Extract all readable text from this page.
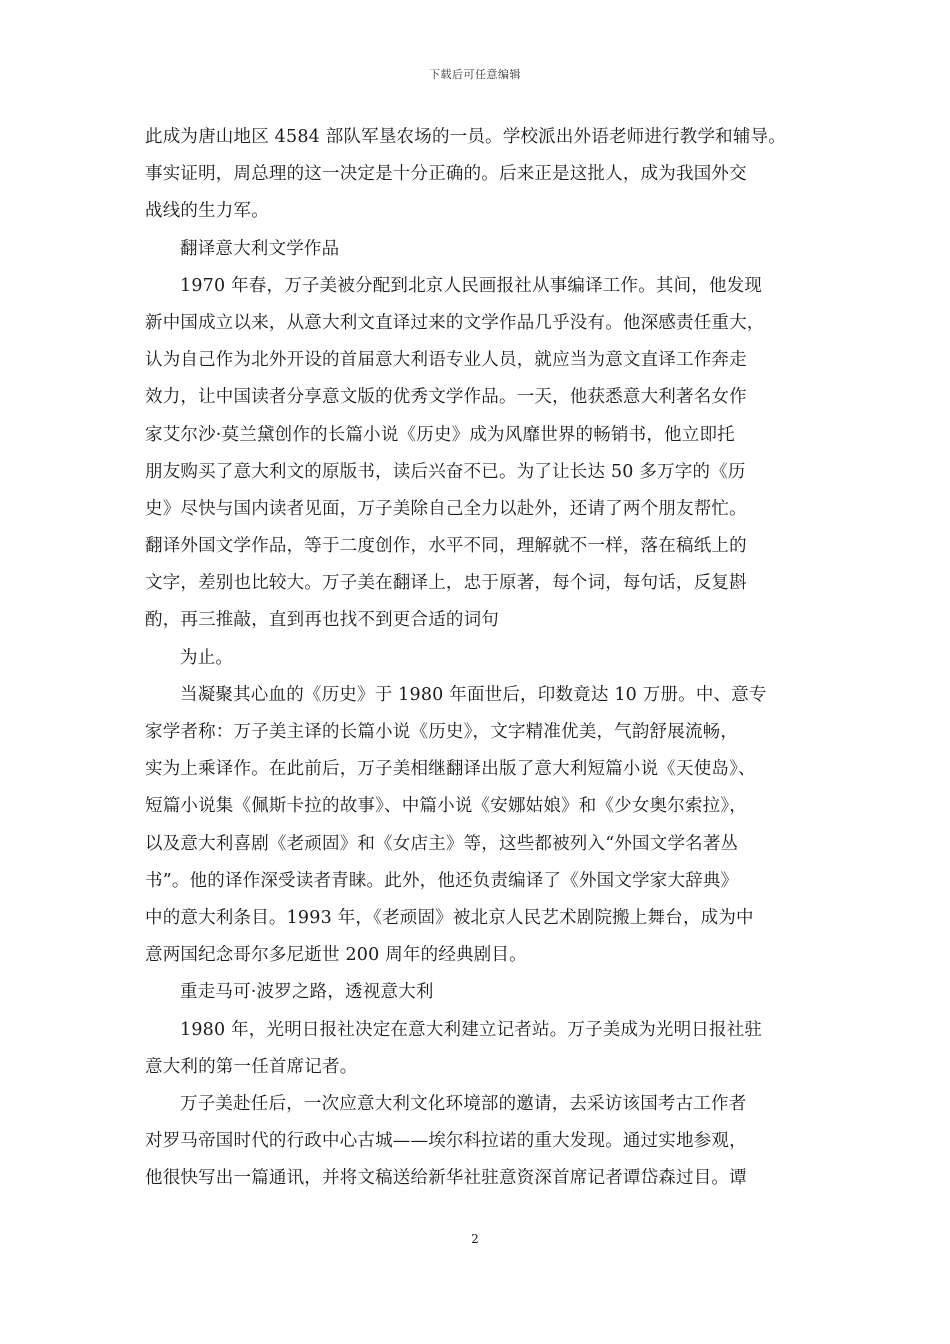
下载后可任意编辑
此成为唐山地区 4584 部队军垦农场的一员。学校派出外语老师进行教学和辅导。
事实证明，周总理的这一决定是十分正确的。后来正是这批人，成为我国外交
战线的生力军。
翻译意大利文学作品
1970 年春，万子美被分配到北京人民画报社从事编译工作。其间，他发现
新中国成立以来，从意大利文直译过来的文学作品几乎没有。他深感责任重大，
认为自己作为北外开设的首届意大利语专业人员，就应当为意文直译工作奔走
效力，让中国读者分享意文版的优秀文学作品。一天，他获悉意大利著名女作
家艾尔沙·莫兰黛创作的长篇小说《历史》成为风靡世界的畅销书，他立即托
朋友购买了意大利文的原版书，读后兴奋不已。为了让长达 50 多万字的《历
史》尽快与国内读者见面，万子美除自己全力以赴外，还请了两个朋友帮忙。
翻译外国文学作品，等于二度创作，水平不同，理解就不一样，落在稿纸上的
文字，差别也比较大。万子美在翻译上，忠于原著，每个词，每句话，反复斟
酌，再三推敲，直到再也找不到更合适的词句
为止。
当凝聚其心血的《历史》于 1980 年面世后，印数竟达 10 万册。中、意专
家学者称：万子美主译的长篇小说《历史》，文字精准优美，气韵舒展流畅，
实为上乘译作。在此前后，万子美相继翻译出版了意大利短篇小说《天使岛》、
短篇小说集《佩斯卡拉的故事》、中篇小说《安娜姑娘》和《少女奥尔索拉》，
以及意大利喜剧《老顽固》和《女店主》等，这些都被列入“外国文学名著丛
书”。他的译作深受读者青睐。此外，他还负责编译了《外国文学家大辞典》
中的意大利条目。1993 年，《老顽固》被北京人民艺术剧院搬上舞台，成为中
意两国纪念哥尔多尼逝世 200 周年的经典剧目。
重走马可·波罗之路，透视意大利
1980 年，光明日报社决定在意大利建立记者站。万子美成为光明日报社驻
意大利的第一任首席记者。
万子美赴任后，一次应意大利文化环境部的邀请，去采访该国考古工作者
对罗马帝国时代的行政中心古城——埃尔科拉诺的重大发现。通过实地参观，
他很快写出一篇通讯，并将文稿送给新华社驻意资深首席记者谭岱森过目。谭
2
